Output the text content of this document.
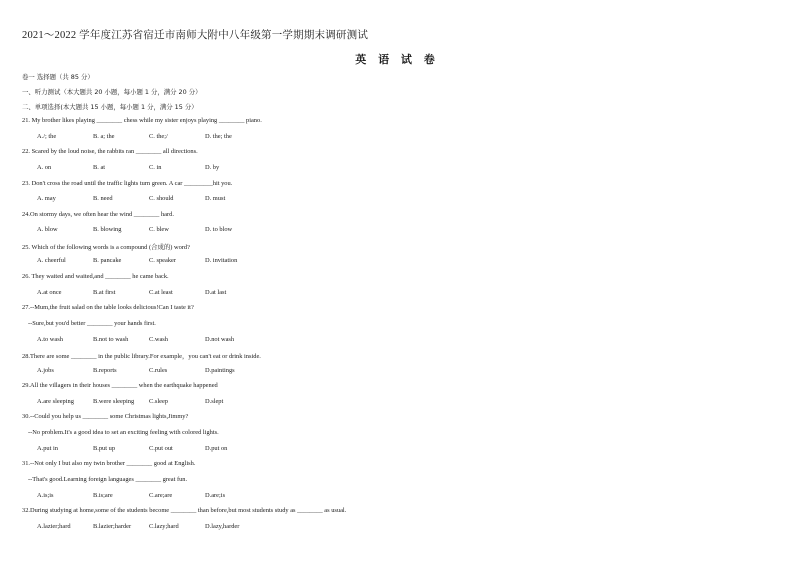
2021～2022 学年度江苏省宿迁市南师大附中八年级第一学期期末调研测试
英 语 试 卷
卷一 选择题（共 85 分）
一、听力测试（本大题共 20 小题，每小题 1 分，满分 20 分）
二、单项选择(本大题共 15 小题，每小题 1 分，满分 15 分）
21. My brother likes playing ________ chess while my sister enjoys playing ________ piano.
A./; the	B. a; the	C. the;/	D. the; the
22. Scared by the loud noise, the rabbits ran ________ all directions.
A. on	B. at	C. in	D. by
23. Don't cross the road until the traffic lights turn green. A car _________hit you.
A. may	B. need	C. should	D. must
24.On stormy days, we often hear the wind ________ hard.
A. blow	B. blowing	C. blew	D. to blow
25. Which of the following words is a compound (合成的) word?
A. cheerful	B. pancake	C. speaker	D. invitation
26. They waited and waited,and ________ he came back.
A.at once	B.at first	C.at least	D.at last
27.--Mum,the fruit salad on the table looks delicious!Can I taste it?
--Sure,but you'd better ________ your hands first.
A.to wash	B.not to wash	C.wash	D.not wash
28.There are some ________ in the public library.For example，you can't eat or drink inside.
A.jobs	B.reports	C.rules	D.paintings
29.All the villagers in their houses ________ when the earthquake happened
A.are sleeping	B.were sleeping C.sleep	D.slept
30.--Could you help us ________ some Christmas lights,Jimmy?
--No problem.It's a good idea to set an exciting feeling with colored lights.
A.put in	B.put up	C.put out	D.put on
31.--Not only I but also my twin brother ________ good at English.
--That's good.Learning foreign languages ________ great fun.
A.is;is	B.is;are	C.are;are	D.are;is
32.During studying at home,some of the students become ________ than before,but most students study as ________ as usual.
A.lazier;hard	B.lazier;harder	C.lazy;hard	D.lazy,harder
